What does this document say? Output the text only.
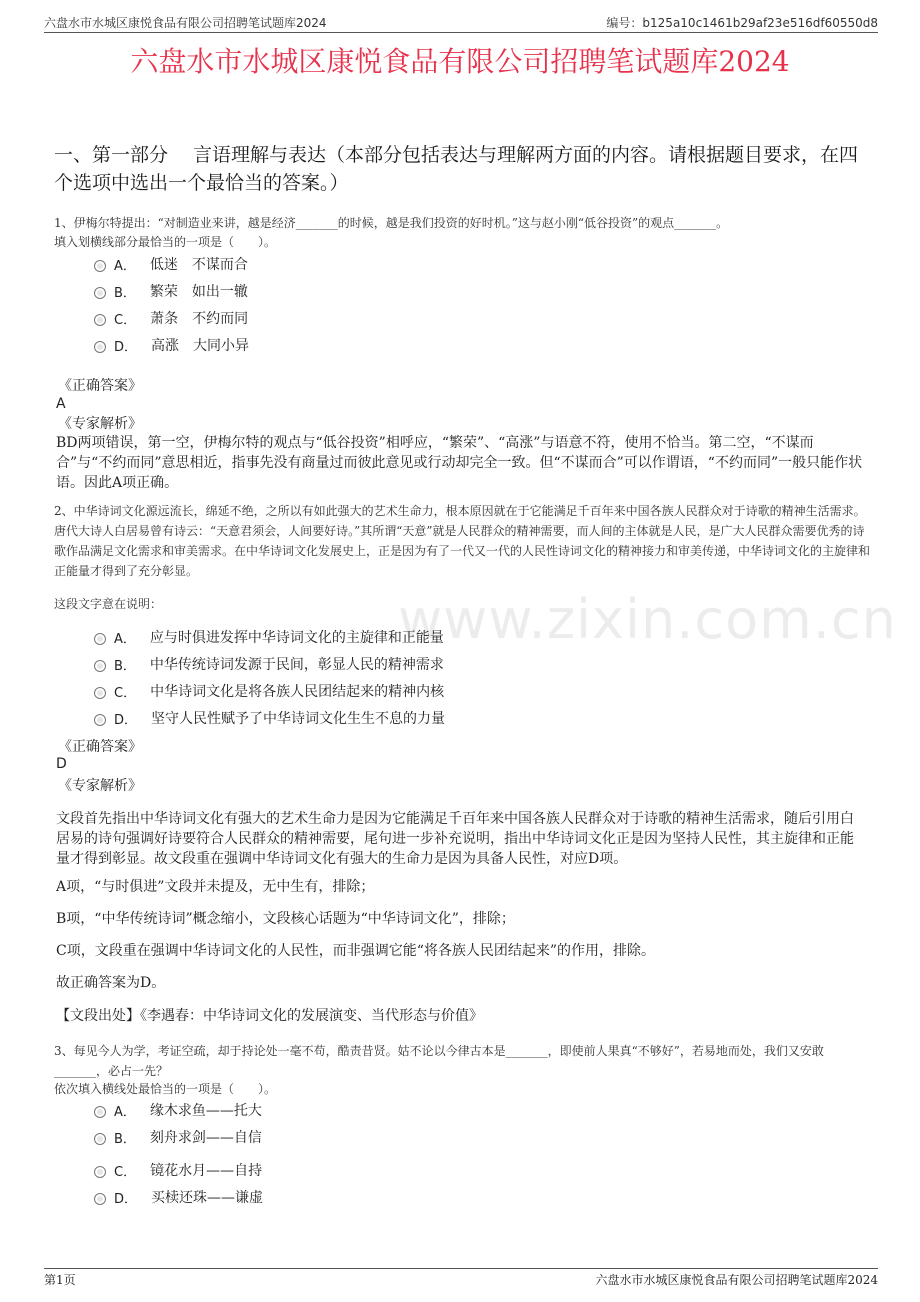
六盘水市水城区康悦食品有限公司招聘笔试题库2024	编号：b125a10c1461b29af23e516df60550d8
六盘水市水城区康悦食品有限公司招聘笔试题库2024

一、第一部分　 言语理解与表达（本部分包括表达与理解两方面的内容。请根据题目要求，在四个选项中选出一个最恰当的答案。）

1、伊梅尔特提出：“对制造业来讲，越是经济_______的时候，越是我们投资的好时机。”这与赵小刚“低谷投资”的观点_______。

填入划横线部分最恰当的一项是（　　）。

A． 低迷　不谋而合
B． 繁荣　如出一辙
C． 萧条　不约而同
D． 高涨　大同小异

《正确答案》

A

《专家解析》

BD两项错误，第一空，伊梅尔特的观点与“低谷投资”相呼应，“繁荣”、“高涨”与语意不符，使用不恰当。第二空，“不谋而合”与“不约而同”意思相近，指事先没有商量过而彼此意见或行动却完全一致。但“不谋而合”可以作谓语，“不约而同”一般只能作状语。因此A项正确。

2、中华诗词文化源远流长，绵延不绝，之所以有如此强大的艺术生命力，根本原因就在于它能满足千百年来中国各族人民群众对于诗歌的精神生活需求。唐代大诗人白居易曾有诗云：“天意君须会，人间要好诗。”其所谓“天意”就是人民群众的精神需要，而人间的主体就是人民，是广大人民群众需要优秀的诗歌作品满足文化需求和审美需求。在中华诗词文化发展史上，正是因为有了一代又一代的人民性诗词文化的精神接力和审美传递，中华诗词文化的主旋律和正能量才得到了充分彰显。

这段文字意在说明：

A． 应与时俱进发挥中华诗词文化的主旋律和正能量
B． 中华传统诗词发源于民间，彰显人民的精神需求
C． 中华诗词文化是将各族人民团结起来的精神内核
D． 坚守人民性赋予了中华诗词文化生生不息的力量

《正确答案》

D

《专家解析》

文段首先指出中华诗词文化有强大的艺术生命力是因为它能满足千百年来中国各族人民群众对于诗歌的精神生活需求，随后引用白居易的诗句强调好诗要符合人民群众的精神需要，尾句进一步补充说明，指出中华诗词文化正是因为坚持人民性，其主旋律和正能量才得到彰显。故文段重在强调中华诗词文化有强大的生命力是因为具备人民性，对应D项。

A项，“与时俱进”文段并未提及，无中生有，排除；

B项，“中华传统诗词”概念缩小，文段核心话题为“中华诗词文化”，排除；

C项，文段重在强调中华诗词文化的人民性，而非强调它能“将各族人民团结起来”的作用，排除。

故正确答案为D。

【文段出处】《李遇春：中华诗词文化的发展演变、当代形态与价值》

3、每见今人为学，考证空疏，却于持论处一毫不苟，酷责昔贤。姑不论以今律古本是_______，即使前人果真“不够好”，若易地而处，我们又安敢_______，必占一先？

依次填入横线处最恰当的一项是（　　）。

A． 缘木求鱼——托大
B． 刻舟求剑——自信
C． 镜花水月——自持
D． 买椟还珠——谦虚
www.zixin.com.cn
第1页	六盘水市水城区康悦食品有限公司招聘笔试题库2024
